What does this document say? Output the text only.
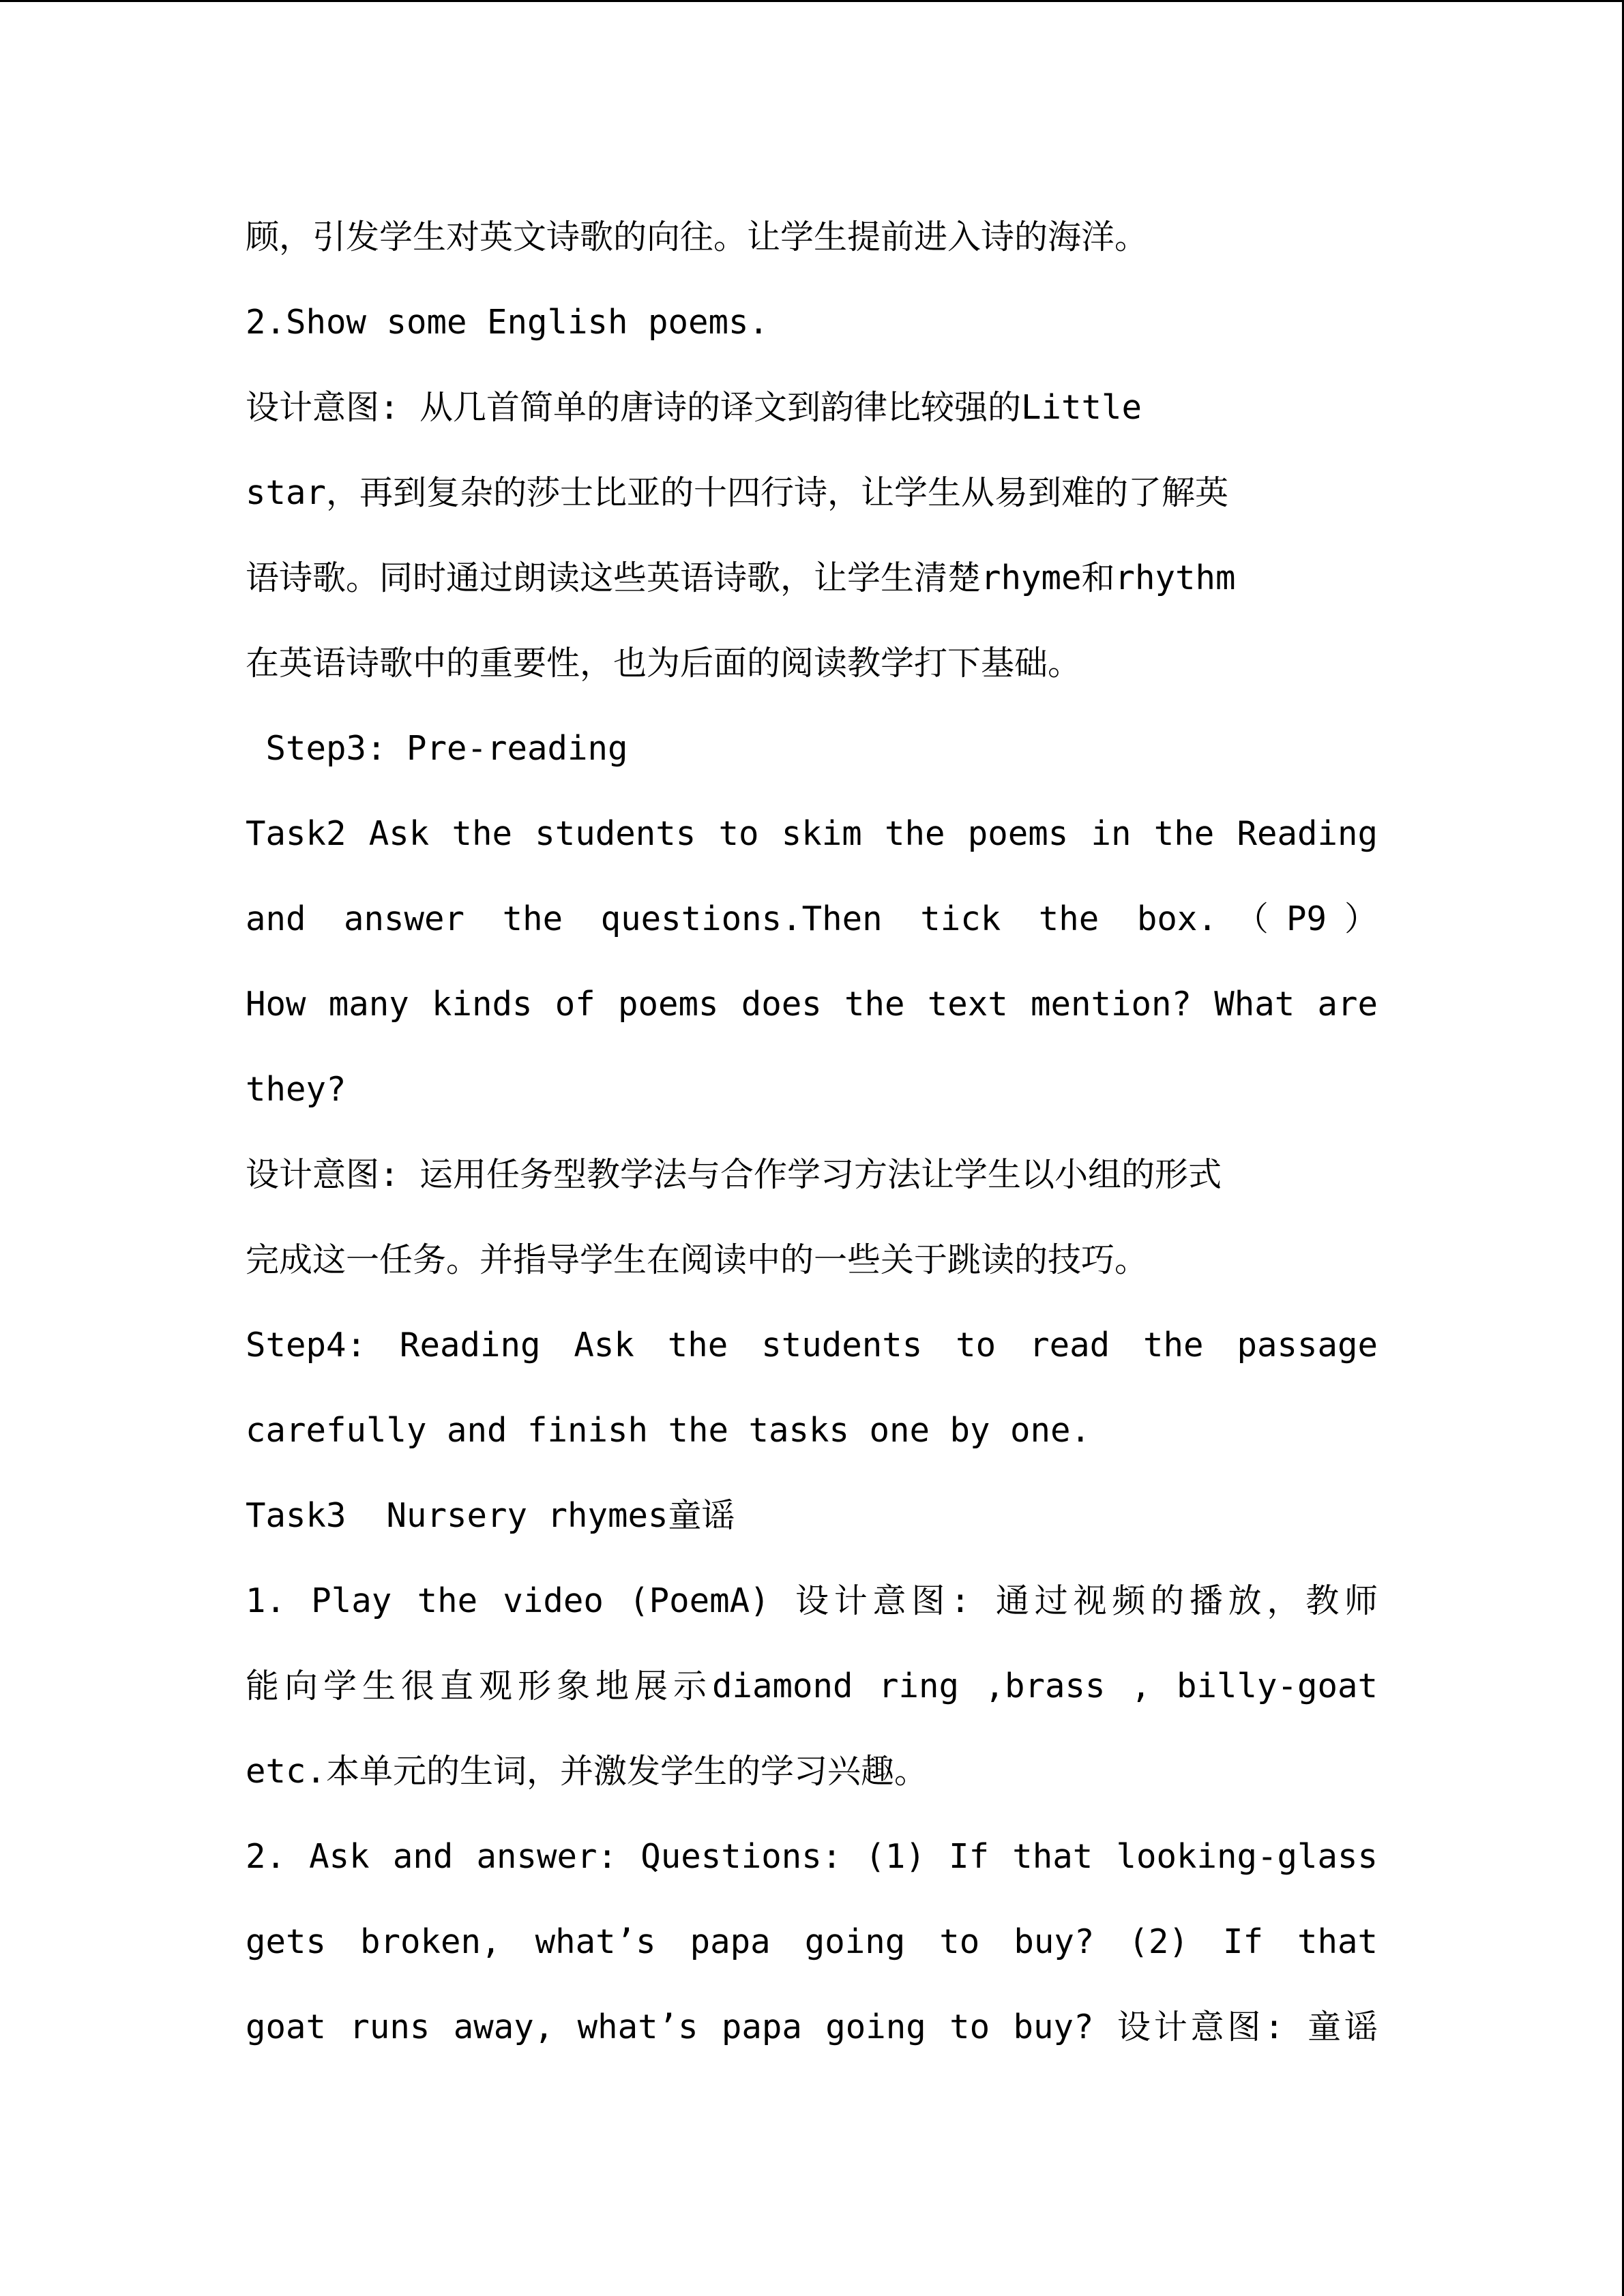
顾，引发学生对英文诗歌的向往。让学生提前进入诗的海洋。
2.Show some English poems.
设计意图: 从几首简单的唐诗的译文到韵律比较强的Little
star，再到复杂的莎士比亚的十四行诗，让学生从易到难的了解英
语诗歌。同时通过朗读这些英语诗歌，让学生清楚rhyme和rhythm
在英语诗歌中的重要性，也为后面的阅读教学打下基础。
Step3: Pre-reading
Task2 Ask the students to skim the poems in the Reading
and answer the questions.Then tick the box.（P9）
How many kinds of poems does the text mention? What are
they?
设计意图: 运用任务型教学法与合作学习方法让学生以小组的形式
完成这一任务。并指导学生在阅读中的一些关于跳读的技巧。
Step4: Reading Ask the students to read the passage
carefully and finish the tasks one by one.
Task3  Nursery rhymes童谣
1. Play the video (PoemA) 设计意图: 通过视频的播放，教师
能向学生很直观形象地展示diamond ring ,brass , billy-goat
etc.本单元的生词，并激发学生的学习兴趣。
2. Ask and answer: Questions: (1) If that looking-glass
gets broken, what’s papa going to buy? (2) If that
goat runs away, what’s papa going to buy? 设计意图: 童谣
